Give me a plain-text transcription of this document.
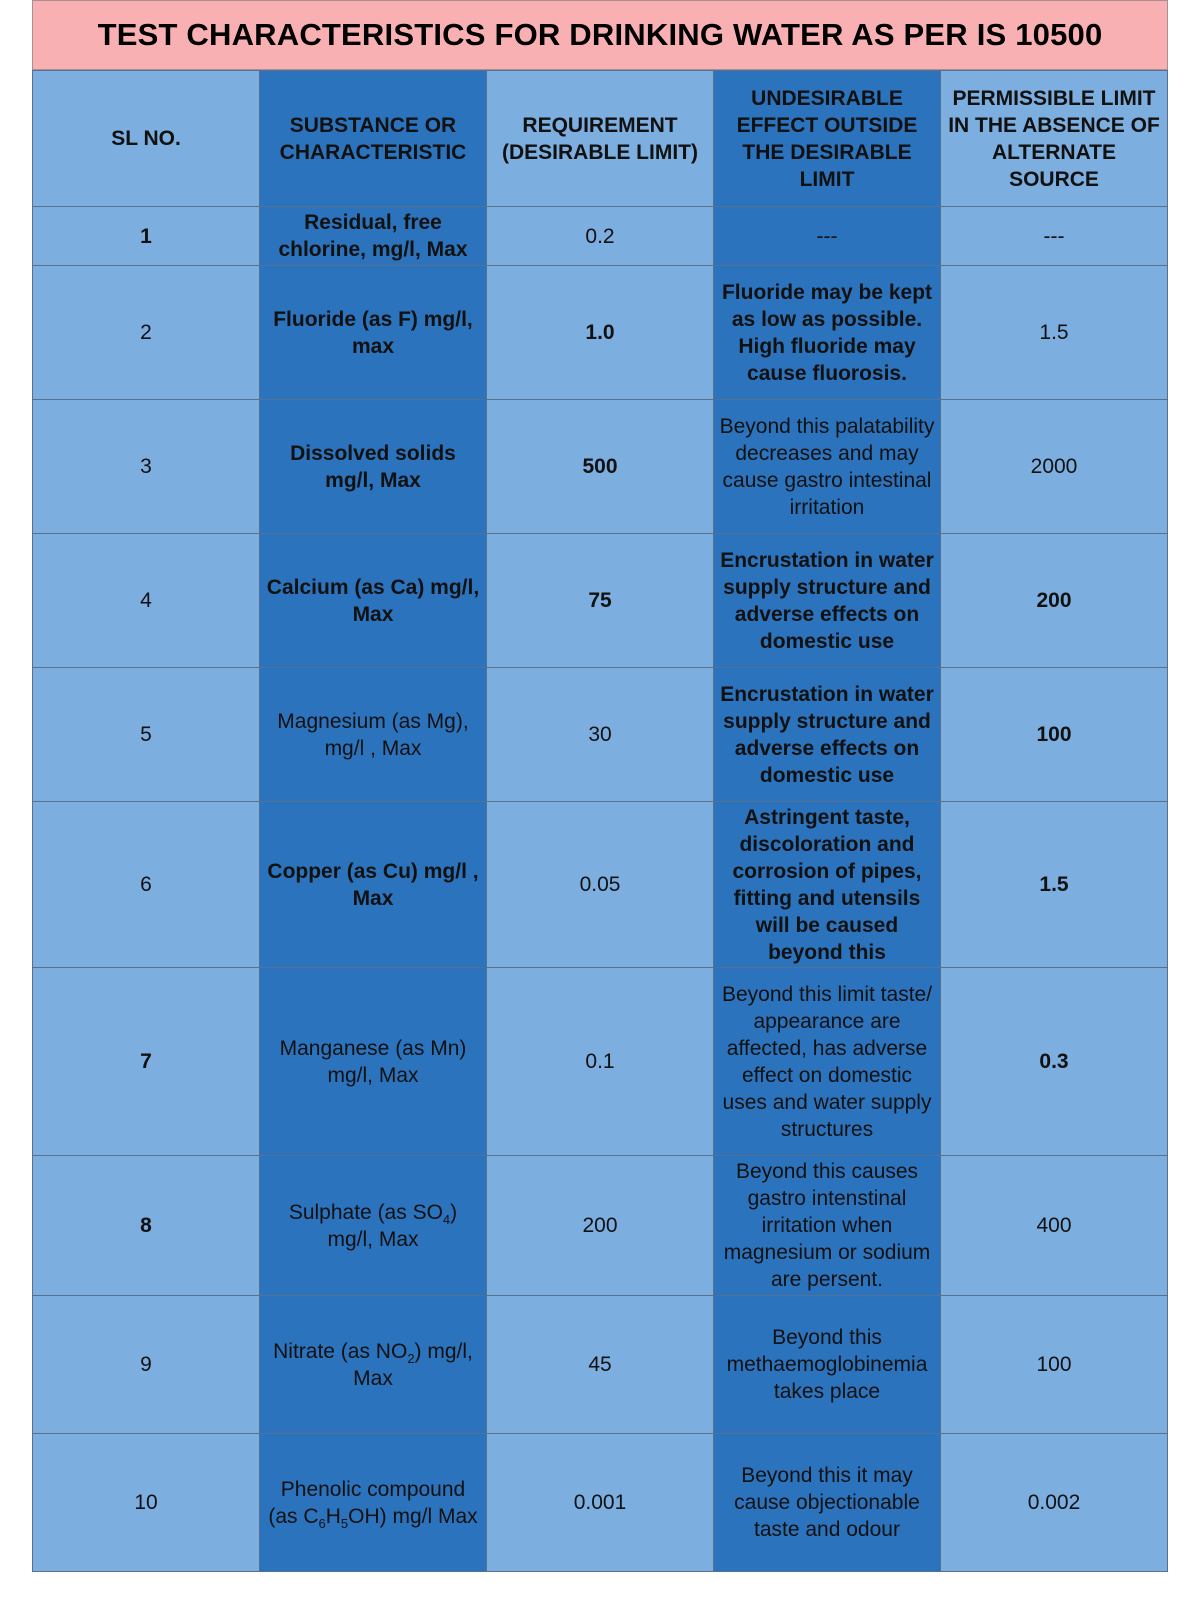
TEST CHARACTERISTICS FOR DRINKING WATER AS PER IS 10500
SL NO.	SUBSTANCE OR CHARACTERISTIC	REQUIREMENT (DESIRABLE LIMIT)	UNDESIRABLE EFFECT OUTSIDE THE DESIRABLE LIMIT	PERMISSIBLE LIMIT IN THE ABSENCE OF ALTERNATE SOURCE
1	Residual, free chlorine, mg/l, Max	0.2	---	---
2	Fluoride (as F) mg/l, max	1.0	Fluoride may be kept as low as possible. High fluoride may cause fluorosis.	1.5
3	Dissolved solids mg/l, Max	500	Beyond this palatability decreases and may cause gastro intestinal irritation	2000
4	Calcium (as Ca) mg/l, Max	75	Encrustation in water supply structure and adverse effects on domestic use	200
5	Magnesium (as Mg), mg/l , Max	30	Encrustation in water supply structure and adverse effects on domestic use	100
6	Copper (as Cu) mg/l , Max	0.05	Astringent taste, discoloration and corrosion of pipes, fitting and utensils will be caused beyond this	1.5
7	Manganese (as Mn) mg/l, Max	0.1	Beyond this limit taste/ appearance are affected, has adverse effect on domestic uses and water supply structures	0.3
8	Sulphate (as $SO_4$) mg/l, Max	200	Beyond this causes gastro intenstinal irritation when magnesium or sodium are persent.	400
9	Nitrate (as $NO_2$) mg/l, Max	45	Beyond this methaemoglobinemia takes place	100
10	Phenolic compound (as $C_6H_5OH$) mg/l Max	0.001	Beyond this it may cause objectionable taste and odour	0.002
